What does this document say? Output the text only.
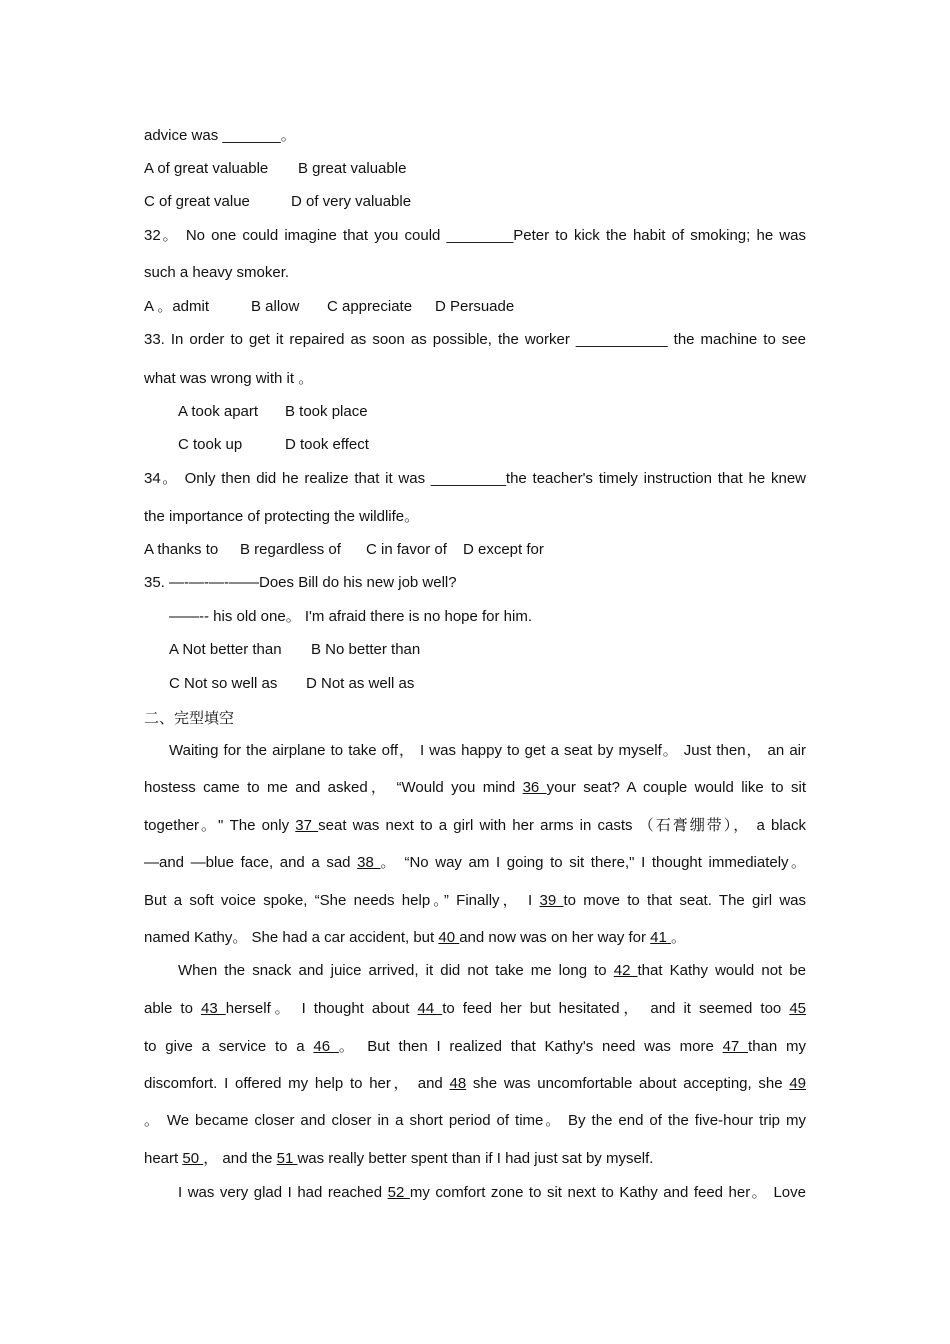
advice was _______。
A of great valuable B great valuable
C of great value	D of very valuable
32。 No one could imagine that you could ________Peter to kick the habit of smoking; he was
such a heavy smoker.
A 。admit	B allow C appreciate D Persuade
33. In order to get it repaired as soon as possible, the worker ___________ the machine to see
what was wrong with it 。
A took apart B took place
C took up	D took effect
34。 Only then did he realize that it was _________the teacher's timely instruction that he knew
the importance of protecting the wildlife。
A thanks to B regardless of C in favor of D except for
35. —-—-—-——Does Bill do his new job well?
——-- his old one。 I'm afraid there is no hope for him.
A Not better than B No better than
C Not so well as D Not as well as
二、完型填空
Waiting for the airplane to take off， I was happy to get a seat by myself。 Just then， an air
hostess came to me and asked， “Would you mind 36 your seat? A couple would like to sit
together。" The only 37 seat was next to a girl with her arms in casts （石膏绷带）， a black
—and —blue face, and a sad 38 。 “No way am I going to sit there," I thought immediately。
But a soft voice spoke, “She needs help。” Finally， I 39 to move to that seat. The girl was
named Kathy。 She had a car accident, but 40 and now was on her way for 41 。
When the snack and juice arrived, it did not take me long to 42 that Kathy would not be
able to 43 herself。 I thought about 44 to feed her but hesitated， and it seemed too 45
to give a service to a 46 。 But then I realized that Kathy's need was more 47 than my
discomfort. I offered my help to her， and 48 she was uncomfortable about accepting, she 49
。 We became closer and closer in a short period of time。 By the end of the five-hour trip my
heart 50 ， and the 51 was really better spent than if I had just sat by myself.
I was very glad I had reached 52 my comfort zone to sit next to Kathy and feed her。 Love
